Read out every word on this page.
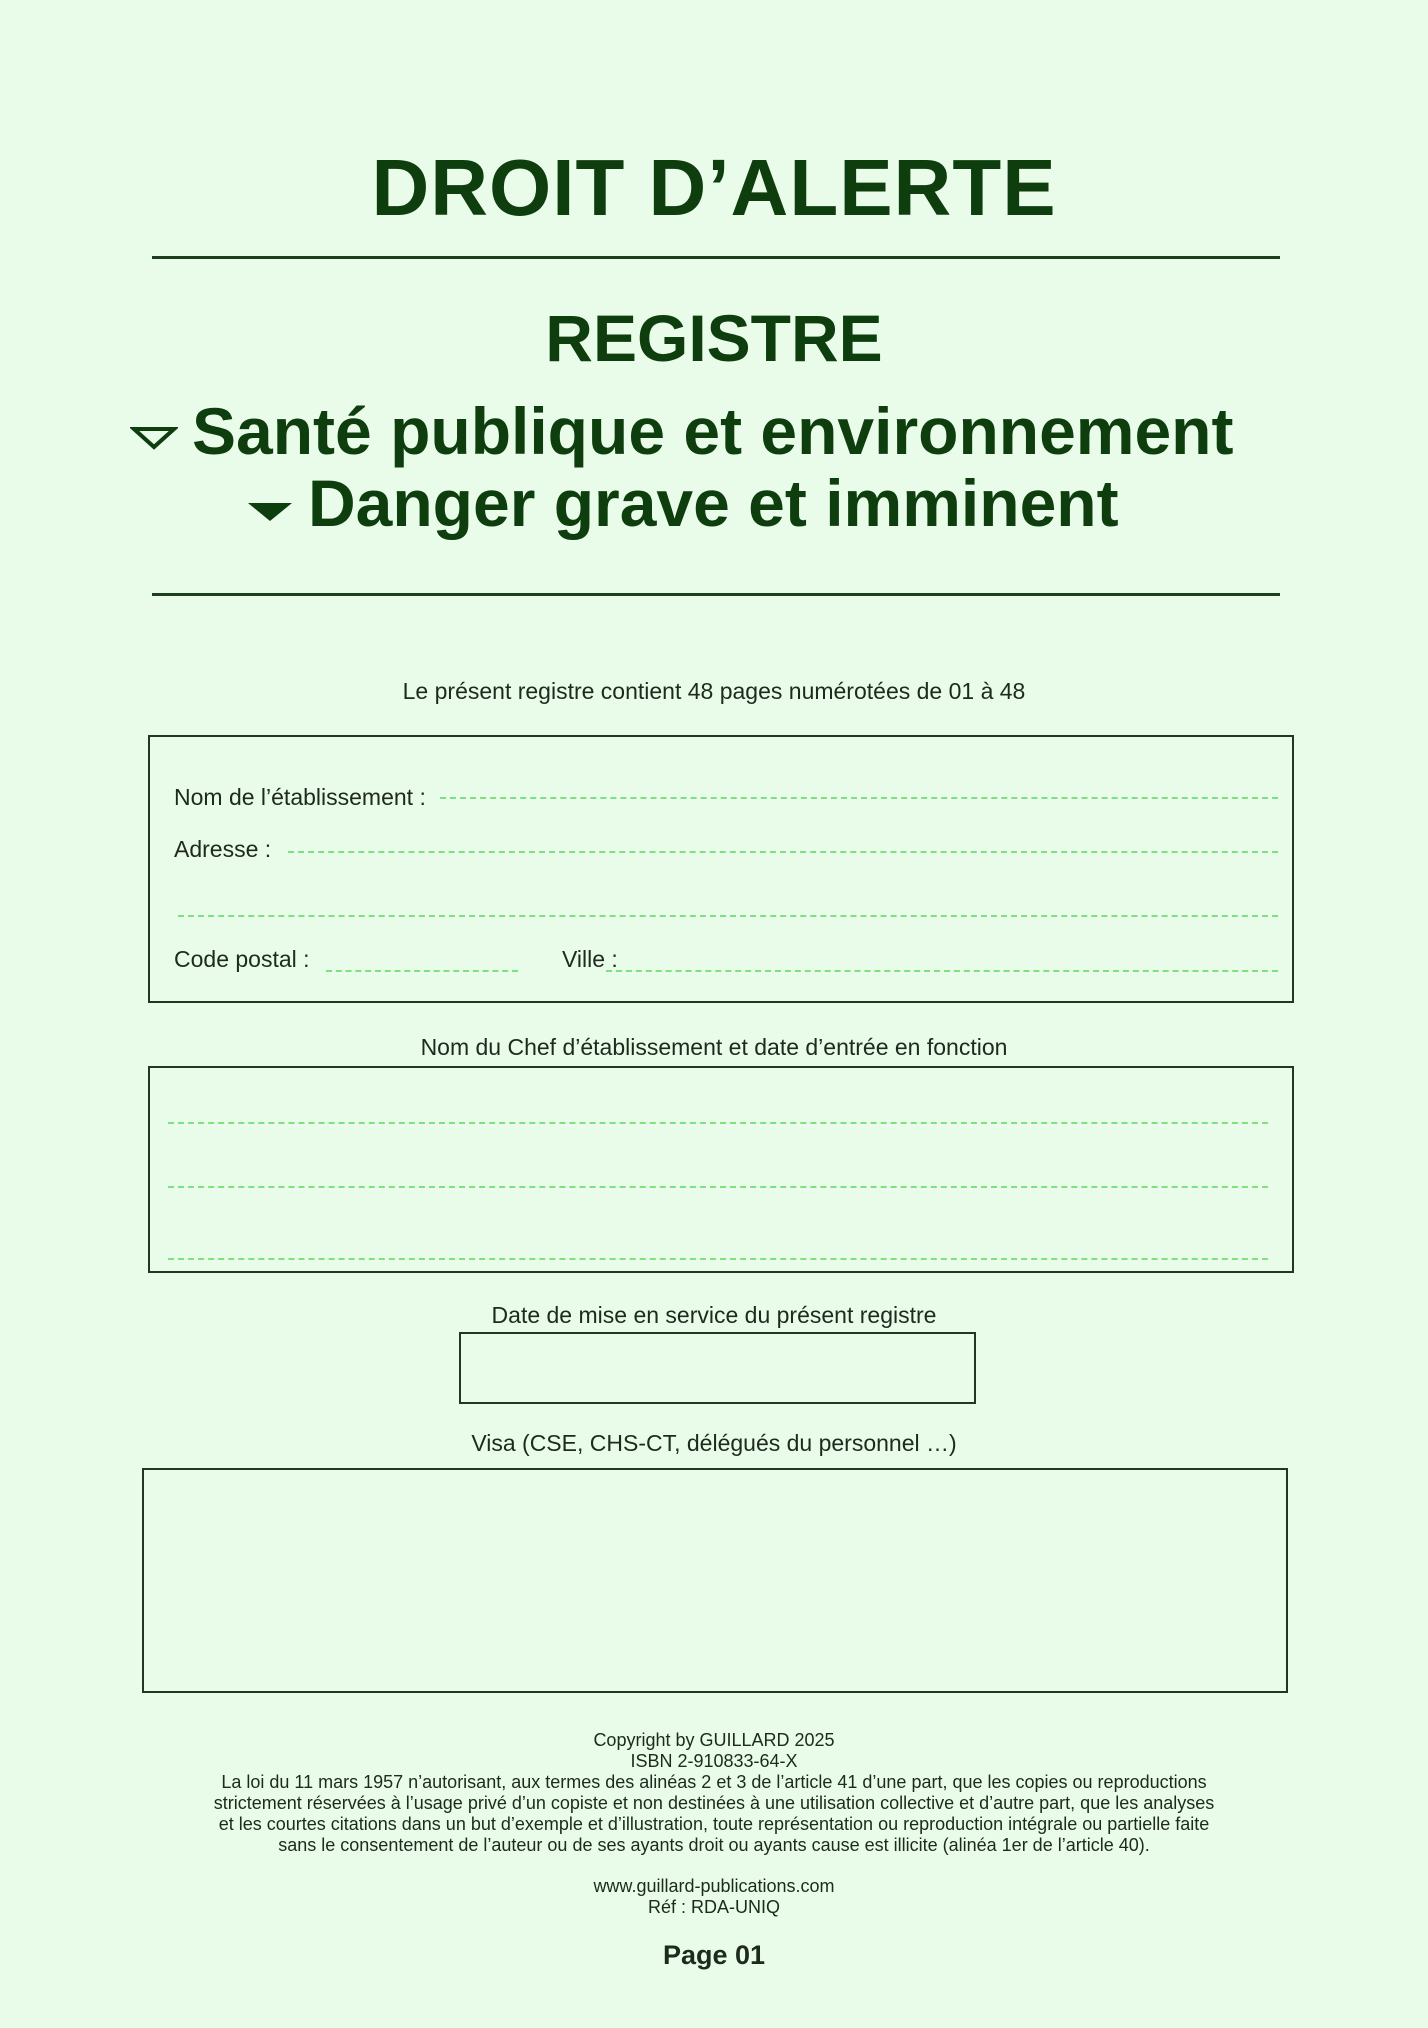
DROIT D’ALERTE
REGISTRE
Santé publique et environnement
Danger grave et imminent
Le présent registre contient 48 pages numérotées de 01 à 48
Nom de l’établissement :
Adresse :
Code postal :	Ville :
Nom du Chef d’établissement et date d’entrée en fonction
Date de mise en service du présent registre
Visa (CSE, CHS-CT, délégués du personnel …)
Copyright by GUILLARD 2025
ISBN 2-910833-64-X
La loi du 11 mars 1957 n’autorisant, aux termes des alinéas 2 et 3 de l’article 41 d’une part, que les copies ou reproductions
strictement réservées à l’usage privé d’un copiste et non destinées à une utilisation collective et d’autre part, que les analyses
et les courtes citations dans un but d’exemple et d’illustration, toute représentation ou reproduction intégrale ou partielle faite
sans le consentement de l’auteur ou de ses ayants droit ou ayants cause est illicite (alinéa 1er de l’article 40).
www.guillard-publications.com
Réf : RDA-UNIQ
Page 01
